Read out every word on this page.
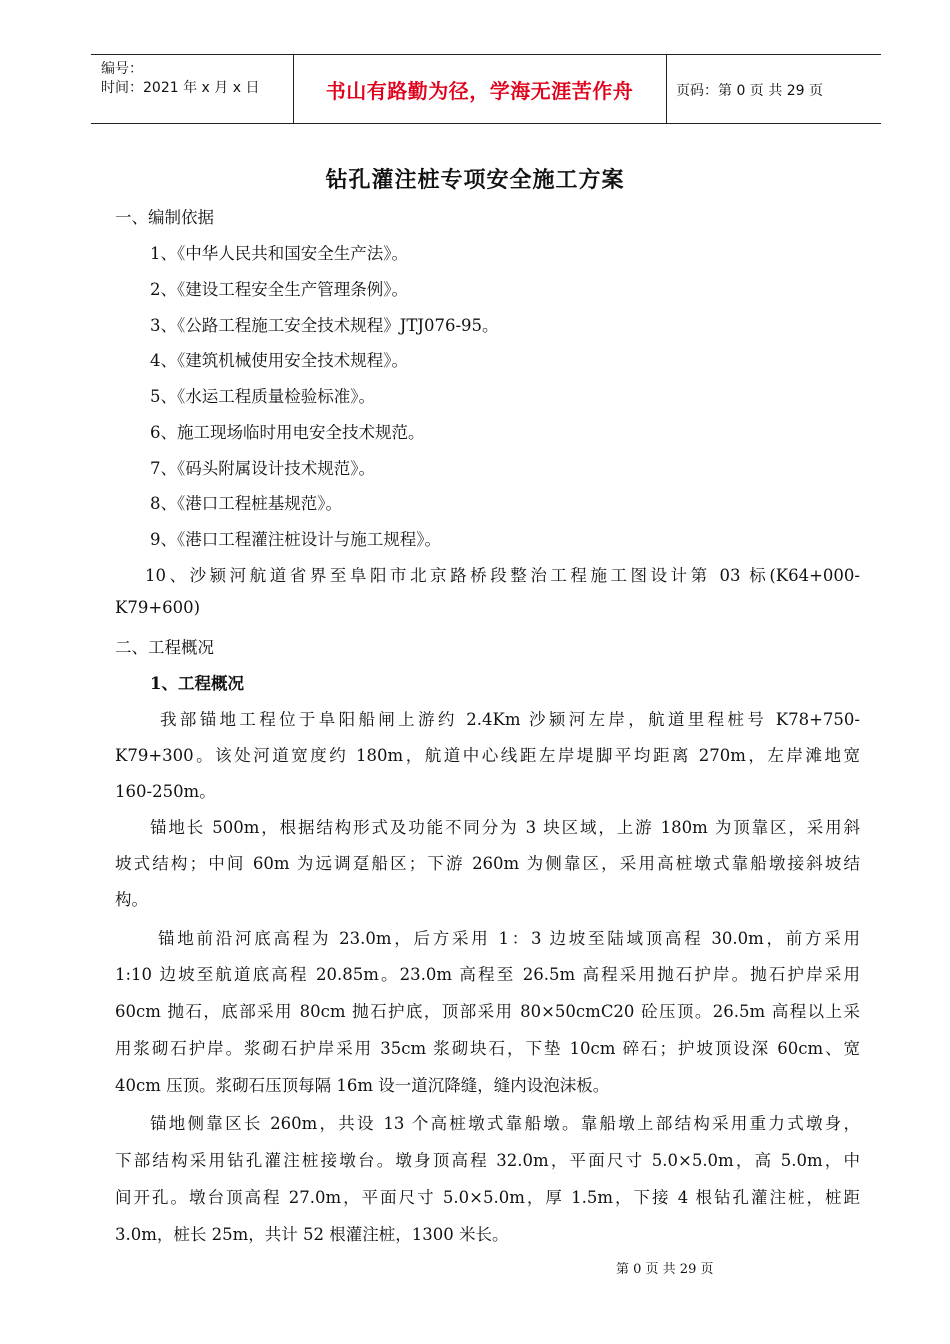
编号：
时间：2021 年 x 月 x 日	书山有路勤为径，学海无涯苦作舟	页码：第 0 页 共 29 页
钻孔灌注桩专项安全施工方案
一、编制依据
1、《中华人民共和国安全生产法》。
2、《建设工程安全生产管理条例》。
3、《公路工程施工安全技术规程》JTJ076-95。
4、《建筑机械使用安全技术规程》。
5、《水运工程质量检验标准》。
6、施工现场临时用电安全技术规范。
7、《码头附属设计技术规范》。
8、《港口工程桩基规范》。
9、《港口工程灌注桩设计与施工规程》。
10、沙颍河航道省界至阜阳市北京路桥段整治工程施工图设计第 03 标(K64+000-
K79+600)
二、工程概况
1、工程概况
我部锚地工程位于阜阳船闸上游约 2.4Km 沙颍河左岸，航道里程桩号 K78+750-
K79+300。该处河道宽度约 180m，航道中心线距左岸堤脚平均距离 270m，左岸滩地宽
160-250m。
锚地长 500m，根据结构形式及功能不同分为 3 块区域，上游 180m 为顶靠区，采用斜
坡式结构；中间 60m 为远调趸船区；下游 260m 为侧靠区，采用高桩墩式靠船墩接斜坡结
构。
锚地前沿河底高程为 23.0m，后方采用 1：3 边坡至陆域顶高程 30.0m，前方采用
1:10 边坡至航道底高程 20.85m。23.0m 高程至 26.5m 高程采用抛石护岸。抛石护岸采用
60cm 抛石，底部采用 80cm 抛石护底，顶部采用 80×50cmC20 砼压顶。26.5m 高程以上采
用浆砌石护岸。浆砌石护岸采用 35cm 浆砌块石，下垫 10cm 碎石；护坡顶设深 60cm、宽
40cm 压顶。浆砌石压顶每隔 16m 设一道沉降缝，缝内设泡沫板。
锚地侧靠区长 260m，共设 13 个高桩墩式靠船墩。靠船墩上部结构采用重力式墩身，
下部结构采用钻孔灌注桩接墩台。墩身顶高程 32.0m，平面尺寸 5.0×5.0m，高 5.0m，中
间开孔。墩台顶高程 27.0m，平面尺寸 5.0×5.0m，厚 1.5m，下接 4 根钻孔灌注桩，桩距
3.0m，桩长 25m，共计 52 根灌注桩，1300 米长。
第 0 页 共 29 页
